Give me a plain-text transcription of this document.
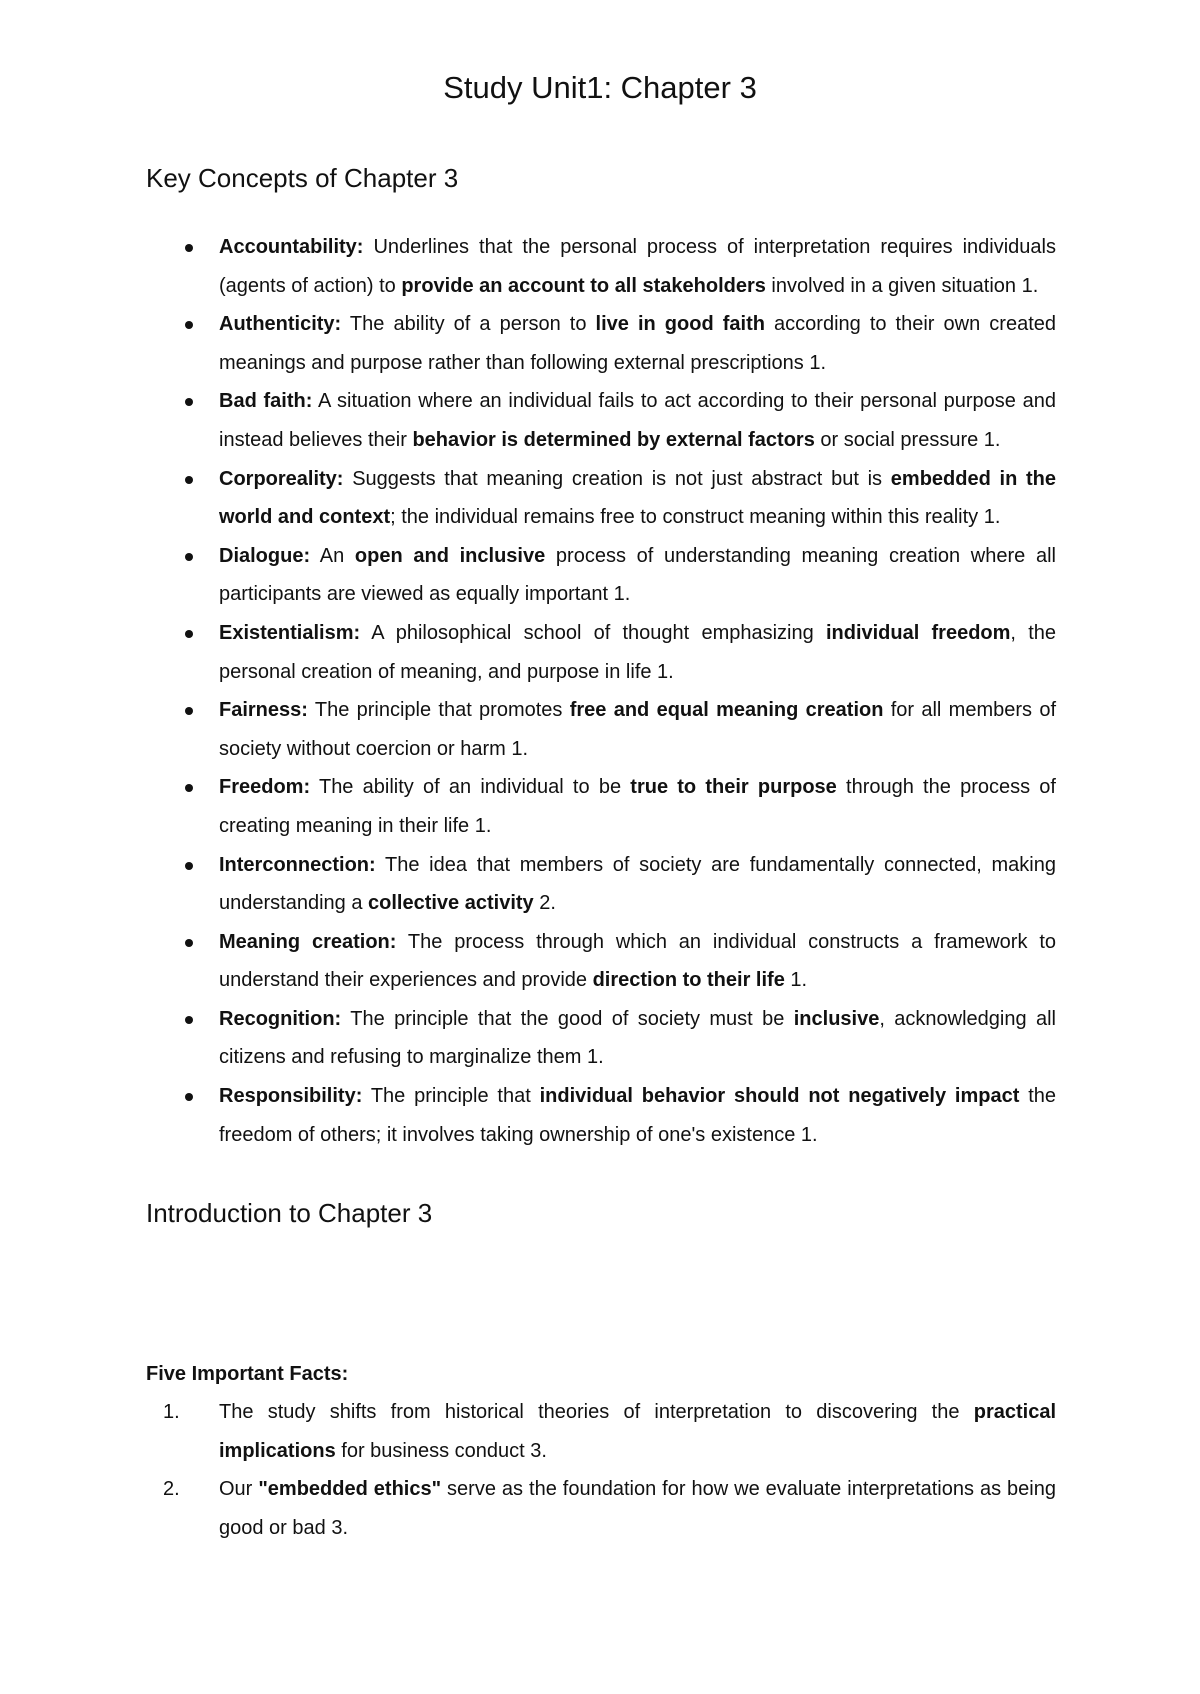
Study Unit1: Chapter 3
Key Concepts of Chapter 3
Accountability: Underlines that the personal process of interpretation requires individuals (agents of action) to provide an account to all stakeholders involved in a given situation 1.
Authenticity: The ability of a person to live in good faith according to their own created meanings and purpose rather than following external prescriptions 1.
Bad faith: A situation where an individual fails to act according to their personal purpose and instead believes their behavior is determined by external factors or social pressure 1.
Corporeality: Suggests that meaning creation is not just abstract but is embedded in the world and context; the individual remains free to construct meaning within this reality 1.
Dialogue: An open and inclusive process of understanding meaning creation where all participants are viewed as equally important 1.
Existentialism: A philosophical school of thought emphasizing individual freedom, the personal creation of meaning, and purpose in life 1.
Fairness: The principle that promotes free and equal meaning creation for all members of society without coercion or harm 1.
Freedom: The ability of an individual to be true to their purpose through the process of creating meaning in their life 1.
Interconnection: The idea that members of society are fundamentally connected, making understanding a collective activity 2.
Meaning creation: The process through which an individual constructs a framework to understand their experiences and provide direction to their life 1.
Recognition: The principle that the good of society must be inclusive, acknowledging all citizens and refusing to marginalize them 1.
Responsibility: The principle that individual behavior should not negatively impact the freedom of others; it involves taking ownership of one's existence 1.
Introduction to Chapter 3
Five Important Facts:
1. The study shifts from historical theories of interpretation to discovering the practical implications for business conduct 3.
2. Our "embedded ethics" serve as the foundation for how we evaluate interpretations as being good or bad 3.
